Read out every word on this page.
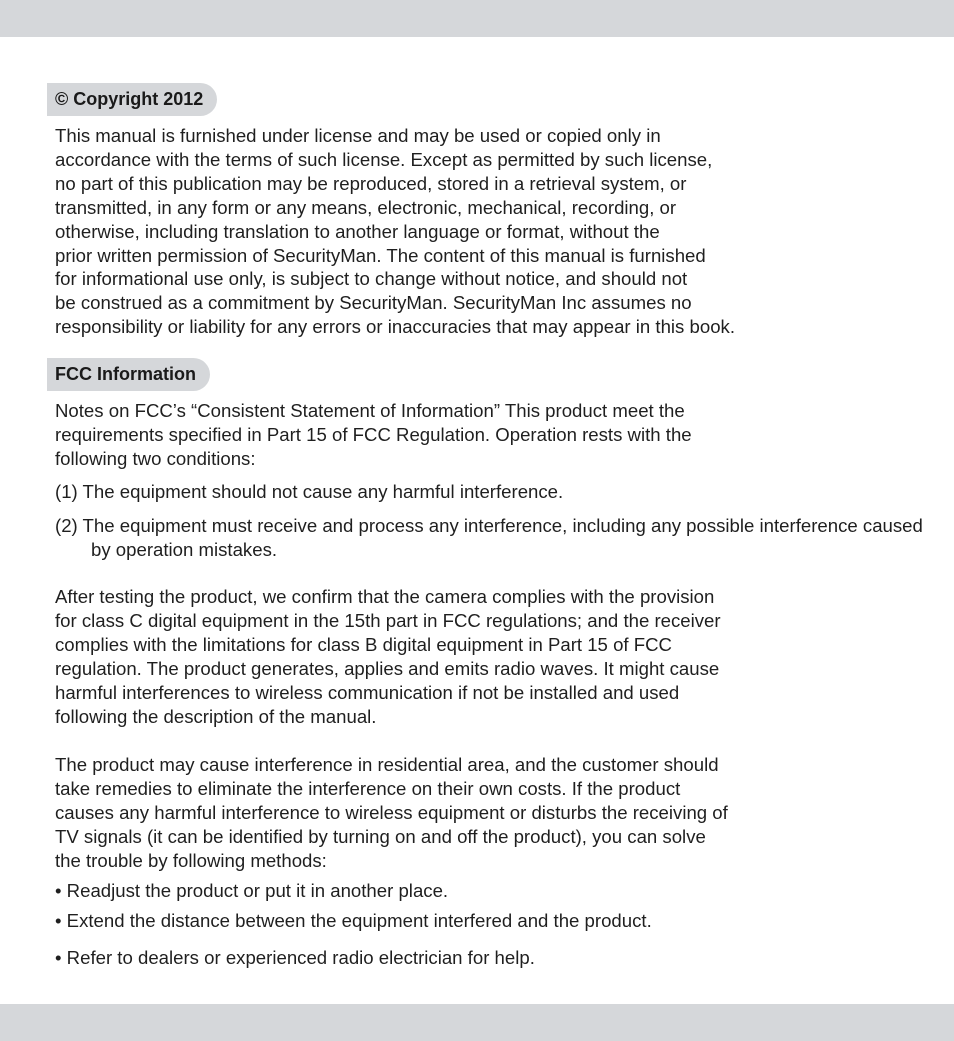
© Copyright 2012

This manual is furnished under license and may be used or copied only in
accordance with the terms of such license. Except as permitted by such license,
no part of this publication may be reproduced, stored in a retrieval system, or
transmitted, in any form or any means, electronic, mechanical, recording, or
otherwise, including translation to another language or format, without the
prior written permission of SecurityMan. The content of this manual is furnished
for informational use only, is subject to change without notice, and should not
be construed as a commitment by SecurityMan. SecurityMan Inc assumes no
responsibility or liability for any errors or inaccuracies that may appear in this book.

FCC Information

Notes on FCC’s “Consistent Statement of Information” This product meet the
requirements specified in Part 15 of FCC Regulation. Operation rests with the
following two conditions:

(1) The equipment should not cause any harmful interference.

(2) The equipment must receive and process any interference, including any possible interference caused by operation mistakes.

After testing the product, we confirm that the camera complies with the provision
for class C digital equipment in the 15th part in FCC regulations; and the receiver
complies with the limitations for class B digital equipment in Part 15 of FCC
regulation. The product generates, applies and emits radio waves. It might cause
harmful interferences to wireless communication if not be installed and used
following the description of the manual.

The product may cause interference in residential area, and the customer should
take remedies to eliminate the interference on their own costs. If the product
causes any harmful interference to wireless equipment or disturbs the receiving of
TV signals (it can be identified by turning on and off the product), you can solve
the trouble by following methods:

• Readjust the product or put it in another place.

• Extend the distance between the equipment interfered and the product.

• Refer to dealers or experienced radio electrician for help.
